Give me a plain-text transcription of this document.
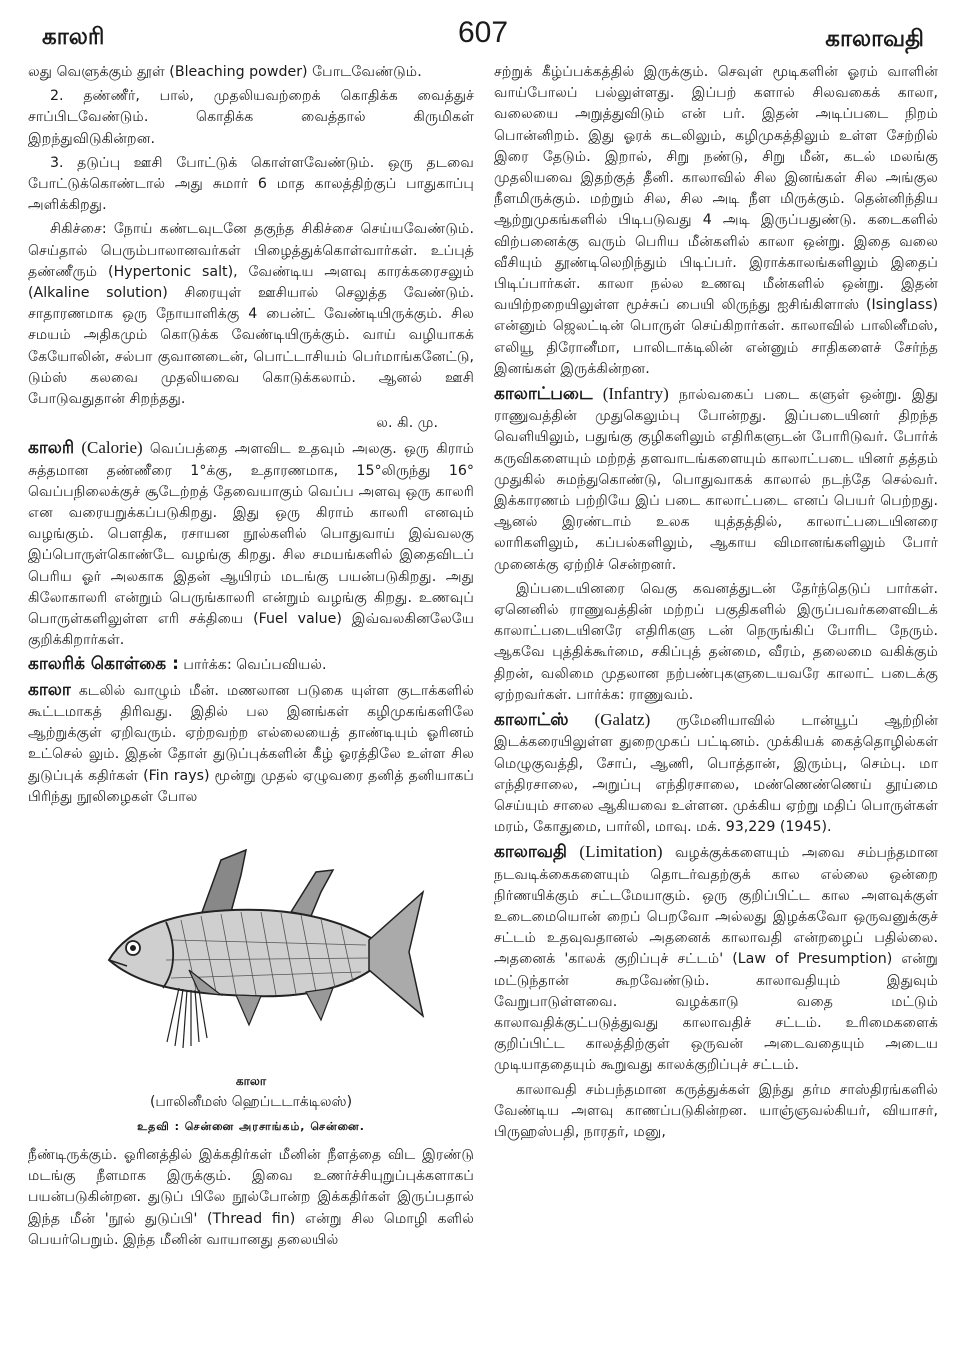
காலரி	607	காலாவதி

லது வெளுக்கும் தூள் (Bleaching powder) போடவேண்டும்.

2. தண்ணீர், பால், முதலியவற்றைக் கொதிக்க வைத்துச் சாப்பிடவேண்டும். கொதிக்க வைத்தால் கிருமிகள் இறந்துவிடுகின்றன.

3. தடுப்பு ஊசி போட்டுக் கொள்ளவேண்டும். ஒரு தடவை போட்டுக்கொண்டால் அது சுமார் 6 மாத காலத்திற்குப் பாதுகாப்பு அளிக்கிறது.

சிகிச்சை: நோய் கண்டவுடனே தகுந்த சிகிச்சை செய்யவேண்டும். செய்தால் பெரும்பாலானவர்கள் பிழைத்துக்கொள்வார்கள். உப்புத் தண்ணீரும் (Hypertonic salt), வேண்டிய அளவு காரக்கரைசலும் (Alkaline solution) சிரையுள் ஊசியால் செலுத்த வேண்டும். சாதாரணமாக ஒரு நோயாளிக்கு 4 பைன்ட் வேண்டியிருக்கும். சில சமயம் அதிகமும் கொடுக்க வேண்டியிருக்கும். வாய் வழியாகக் கேயோலின், சல்பா குவானடைன், பொட்டாசியம் பெர்மாங்கனேட்டு, டும்ஸ் கலவை முதலியவை கொடுக்கலாம். ஆனல் ஊசி போடுவதுதான் சிறந்தது.

ல. கி. மு.

காலரி (Calorie) வெப்பத்தை அளவிட உதவும் அலகு. ஒரு கிராம் சுத்தமான தண்ணீரை 1°க்கு, உதாரணமாக, 15°லிருந்து 16° வெப்பநிலைக்குச் சூடேற்றத் தேவையாகும் வெப்ப அளவு ஒரு காலரி என வரையறுக்கப்படுகிறது. இது ஒரு கிராம் காலரி எனவும் வழங்கும். பௌதிக, ரசாயன நூல்களில் பொதுவாய் இவ்வலகு இப்பொருள்கொண்டே வழங்கு கிறது. சில சமயங்களில் இதைவிடப் பெரிய ஓர் அலகாக இதன் ஆயிரம் மடங்கு பயன்படுகிறது. அது கிலோகாலரி என்றும் பெருங்காலரி என்றும் வழங்கு கிறது. உணவுப் பொருள்களிலுள்ள எரி சக்தியை (Fuel value) இவ்வலகினலேயே குறிக்கிறார்கள்.

காலரிக் கொள்கை : பார்க்க: வெப்பவியல்.

காலா கடலில் வாழும் மீன். மணலான படுகை யுள்ள குடாக்களில் கூட்டமாகத் திரிவது. இதில் பல இனங்கள் கழிமுகங்களிலே ஆற்றுக்குள் ஏறிவரும். ஏற்றவற்ற எல்லையைத் தாண்டியும் ஓரினம் உட்செல் லும். இதன் தோள் துடுப்புக்களின் கீழ் ஓரத்திலே உள்ள சில துடுப்புக் கதிர்கள் (Fin rays) மூன்று முதல் ஏழுவரை தனித் தனியாகப் பிரிந்து நூலிழைகள் போல

காலா
(பாலினீமஸ் ஹெப்டடாக்டிலஸ்)
உதவி : சென்னை அரசாங்கம், சென்னை.

நீண்டிருக்கும். ஓரினத்தில் இக்கதிர்கள் மீனின் நீளத்தை விட இரண்டு மடங்கு நீளமாக இருக்கும். இவை உணர்ச்சியுறுப்புக்களாகப் பயன்படுகின்றன. துடுப் பிலே நூல்போன்ற இக்கதிர்கள் இருப்பதால் இந்த மீன் 'நூல் துடுப்பி' (Thread fin) என்று சில மொழி களில் பெயர்பெறும். இந்த மீனின் வாயானது தலையில்

சற்றுக் கீழ்ப்பக்கத்தில் இருக்கும். செவுள் மூடிகளின் ஓரம் வாளின் வாய்போலப் பல்லுள்ளது. இப்பற் களால் சிலவகைக் காலா, வலையை அறுத்துவிடும் என் பர். இதன் அடிப்படை நிறம் பொன்னிறம். இது ஓரக் கடலிலும், கழிமுகத்திலும் உள்ள சேற்றில் இரை தேடும். இறால், சிறு நண்டு, சிறு மீன், கடல் மலங்கு முதலியவை இதற்குத் தீனி. காலாவில் சில இனங்கள் சில அங்குல நீளமிருக்கும். மற்றும் சில, சில அடி நீள மிருக்கும். தென்னிந்திய ஆற்றுமுகங்களில் பிடிபடுவது 4 அடி இருப்பதுண்டு. கடைகளில் விற்பனைக்கு வரும் பெரிய மீன்களில் காலா ஒன்று. இதை வலை வீசியும் தூண்டிலெறிந்தும் பிடிப்பர். இராக்காலங்களிலும் இதைப் பிடிப்பார்கள். காலா நல்ல உணவு மீன்களில் ஒன்று. இதன் வயிற்றறையிலுள்ள மூச்சுப் பையி லிருந்து ஐசிங்கிளாஸ் (Isinglass) என்னும் ஜெலட்டின் பொருள் செய்கிறார்கள். காலாவில் பாலினீமஸ், எலியூ திரோனீமா, பாலிடாக்டிலின் என்னும் சாதிகளைச் சேர்ந்த இனங்கள் இருக்கின்றன.

காலாட்படை (Infantry) நால்வகைப் படை களுள் ஒன்று. இது ராணுவத்தின் முதுகெலும்பு போன்றது. இப்படையினர் திறந்த வெளியிலும், பதுங்கு குழிகளிலும் எதிரிகளுடன் போரிடுவர். போர்க் கருவிகளையும் மற்றத் தளவாடங்களையும் காலாட்படை யினர் தத்தம் முதுகில் சுமந்துகொண்டு, பொதுவாகக் காலால் நடந்தே செல்வர். இக்காரணம் பற்றியே இப் படை காலாட்படை எனப் பெயர் பெற்றது. ஆனல் இரண்டாம் உலக யுத்தத்தில், காலாட்படையினரை லாரிகளிலும், கப்பல்களிலும், ஆகாய விமானங்களிலும் போர் முனைக்கு ஏற்றிச் சென்றனர்.

இப்படையினரை வெகு கவனத்துடன் தேர்ந்தெடுப் பார்கள். ஏனெனில் ராணுவத்தின் மற்றப் பகுதிகளில் இருப்பவர்களைவிடக் காலாட்படையினரே எதிரிகளு டன் நெருங்கிப் போரிட நேரும். ஆகவே புத்திக்கூர்மை, சகிப்புத் தன்மை, வீரம், தலைமை வகிக்கும் திறன், வலிமை முதலான நற்பண்புகளுடையவரே காலாட் படைக்கு ஏற்றவர்கள். பார்க்க: ராணுவம்.

காலாட்ஸ் (Galatz) ருமேனியாவில் டான்யூப் ஆற்றின் இடக்கரையிலுள்ள துறைமுகப் பட்டினம். முக்கியக் கைத்தொழில்கள் மெழுகுவத்தி, சோப், ஆணி, பொத்தான், இரும்பு, செம்பு. மா எந்திரசாலை, அறுப்பு எந்திரசாலை, மண்ணெண்ணெய் தூய்மை செய்யும் சாலை ஆகியவை உள்ளன. முக்கிய ஏற்று மதிப் பொருள்கள் மரம், கோதுமை, பார்லி, மாவு. மக். 93,229 (1945).

காலாவதி (Limitation) வழக்குக்களையும் அவை சம்பந்தமான நடவடிக்கைகளையும் தொடர்வதற்குக் கால எல்லை ஒன்றை நிர்ணயிக்கும் சட்டமேயாகும். ஒரு குறிப்பிட்ட கால அளவுக்குள் உடைமையொன் றைப் பெறவோ அல்லது இழக்கவோ ஒருவனுக்குச் சட்டம் உதவுவதானல் அதனைக் காலாவதி என்றழைப் பதில்லை. அதனைக் 'காலக் குறிப்புச் சட்டம்' (Law of Presumption) என்று மட்டுந்தான் கூறவேண்டும். காலாவதியும் இதுவும் வேறுபாடுள்ளவை. வழக்காடு வதை மட்டும் காலாவதிக்குட்படுத்துவது காலாவதிச் சட்டம். உரிமைகளைக் குறிப்பிட்ட காலத்திற்குள் ஒருவன் அடைவதையும் அடைய முடியாததையும் கூறுவது காலக்குறிப்புச் சட்டம்.

காலாவதி சம்பந்தமான கருத்துக்கள் இந்து தர்ம சாஸ்திரங்களில் வேண்டிய அளவு காணப்படுகின்றன. யாஞ்ஞவல்கியர், வியாசர், பிருஹஸ்பதி, நாரதர், மனு,
